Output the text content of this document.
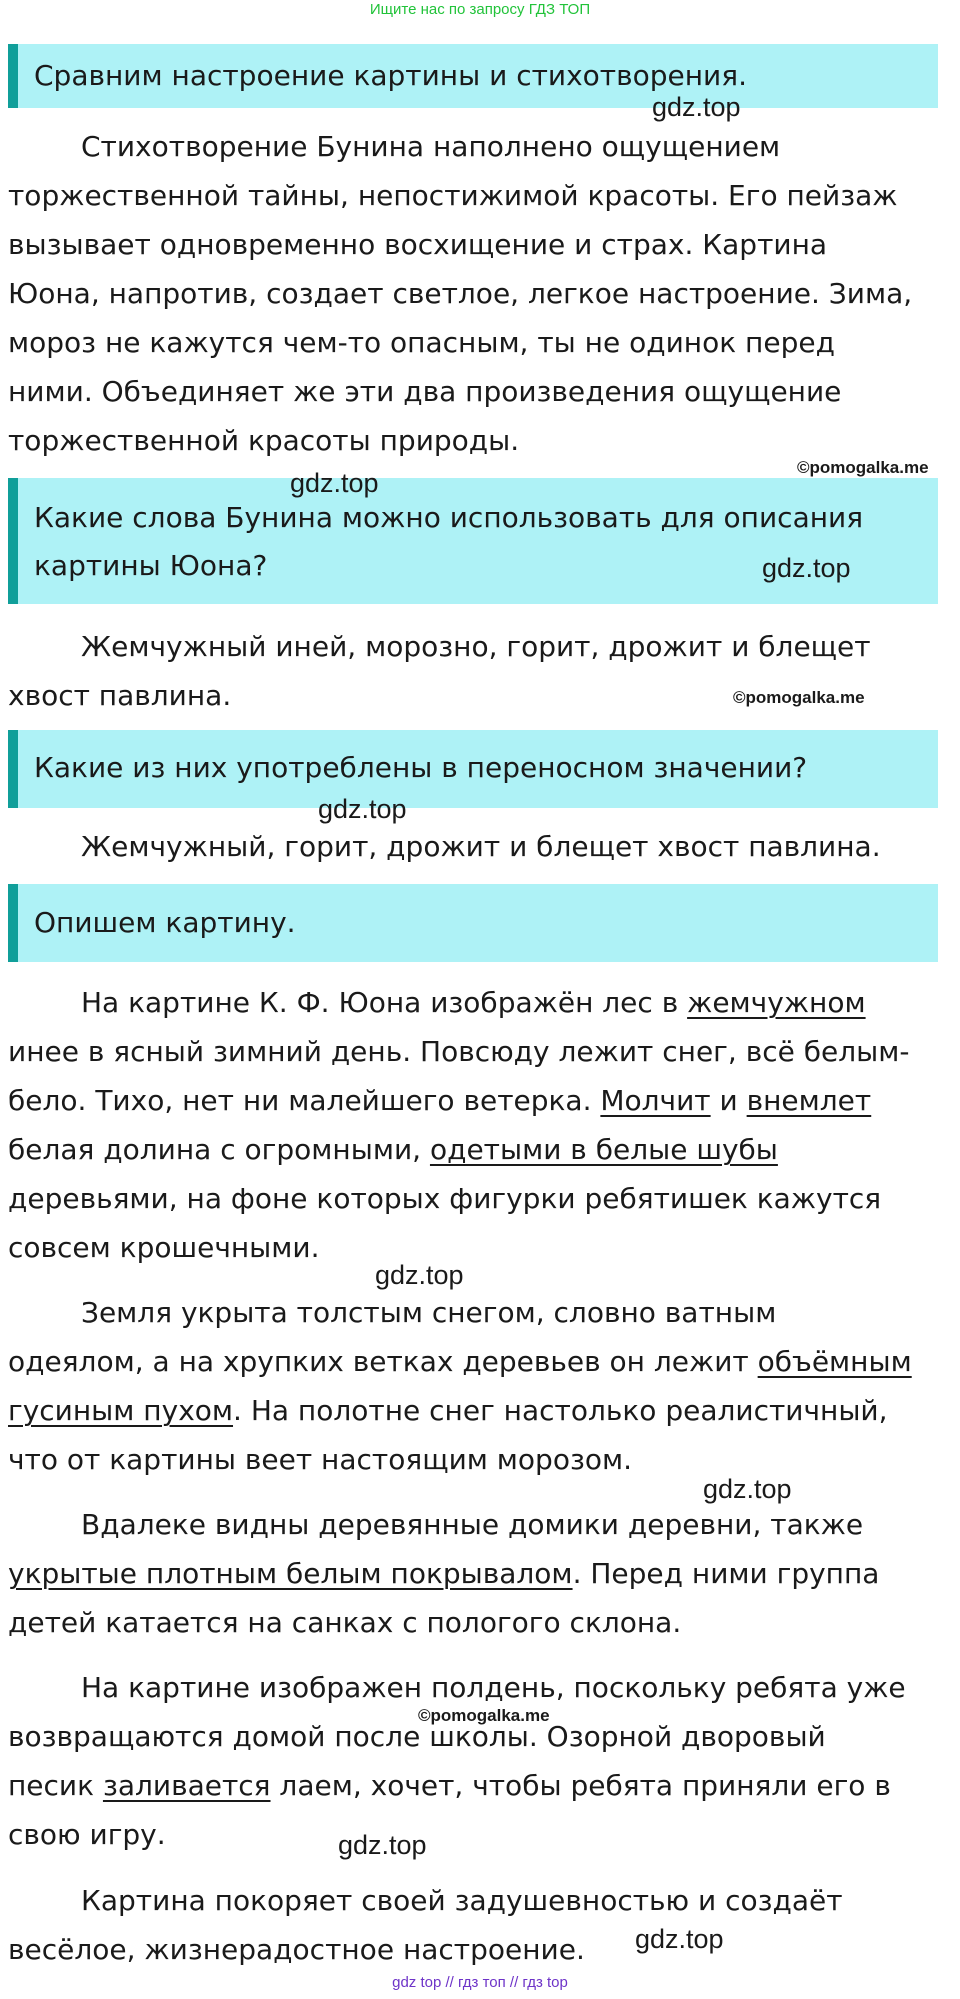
Ищите нас по запросу ГДЗ ТОП
Сравним настроение картины и стихотворения.
gdz.top
Стихотворение Бунина наполнено ощущением
торжественной тайны, непостижимой красоты. Его пейзаж
вызывает одновременно восхищение и страх. Картина
Юона, напротив, создает светлое, легкое настроение. Зима,
мороз не кажутся чем-то опасным, ты не одинок перед
ними. Объединяет же эти два произведения ощущение
торжественной красоты природы.
©pomogalka.me
Какие слова Бунина можно использовать для описания
картины Юона?
gdz.top
gdz.top
Жемчужный иней, морозно, горит, дрожит и блещет
хвост павлина.	©pomogalka.me
Какие из них употреблены в переносном значении?
gdz.top
Жемчужный, горит, дрожит и блещет хвост павлина.
Опишем картину.
На картине К. Ф. Юона изображён лес в жемчужном
инее в ясный зимний день. Повсюду лежит снег, всё белым-
бело. Тихо, нет ни малейшего ветерка. Молчит и внемлет
белая долина с огромными, одетыми в белые шубы
деревьями, на фоне которых фигурки ребятишек кажутся
совсем крошечными.
gdz.top
Земля укрыта толстым снегом, словно ватным
одеялом, а на хрупких ветках деревьев он лежит объёмным
гусиным пухом. На полотне снег настолько реалистичный,
что от картины веет настоящим морозом.
gdz.top
Вдалеке видны деревянные домики деревни, также
укрытые плотным белым покрывалом. Перед ними группа
детей катается на санках с пологого склона.
На картине изображен полдень, поскольку ребята уже
возвращаются домой после школы. Озорной дворовый
песик заливается лаем, хочет, чтобы ребята приняли его в
свою игру.
©pomogalka.me
gdz.top
Картина покоряет своей задушевностью и создаёт
весёлое, жизнерадостное настроение.	gdz.top
gdz top // гдз топ // гдз top
